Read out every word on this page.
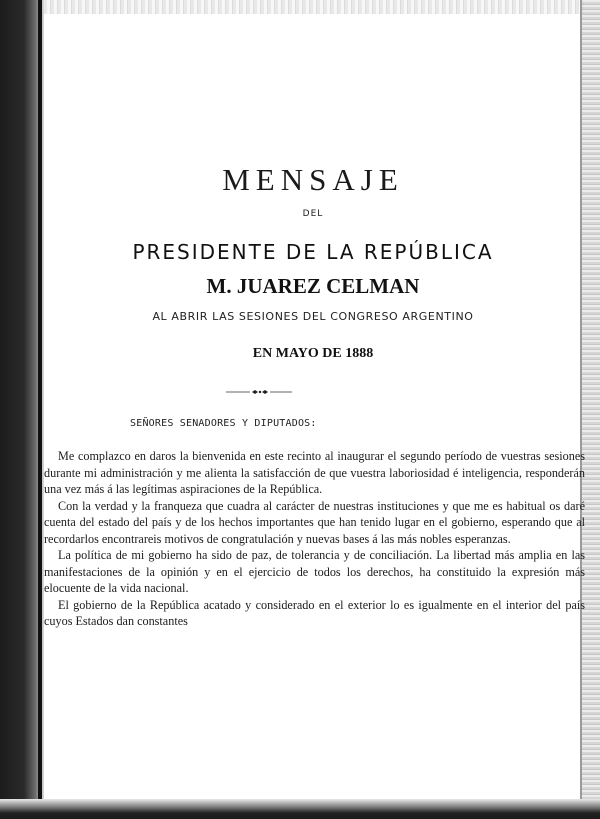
MENSAJE
DEL
PRESIDENTE DE LA REPÚBLICA
M. JUAREZ CELMAN
AL ABRIR LAS SESIONES DEL CONGRESO ARGENTINO
EN MAYO DE 1888
SEÑORES SENADORES Y DIPUTADOS:

Me complazco en daros la bienvenida en este recinto al inaugurar el segundo período de vuestras sesiones durante mi administración y me alienta la satisfacción de que vuestra laboriosidad é inteligencia, responderán una vez más á las legítimas aspiraciones de la República.

Con la verdad y la franqueza que cuadra al carácter de nuestras instituciones y que me es habitual os daré cuenta del estado del país y de los hechos importantes que han tenido lugar en el gobierno, esperando que al recordarlos encontrareis motivos de congratulación y nuevas bases á las más nobles esperanzas.

La política de mi gobierno ha sido de paz, de tolerancia y de conciliación. La libertad más amplia en las manifestaciones de la opinión y en el ejercicio de todos los derechos, ha constituido la expresión más elocuente de la vida nacional.

El gobierno de la República acatado y considerado en el exterior lo es igualmente en el interior del país cuyos Estados dan constantes
